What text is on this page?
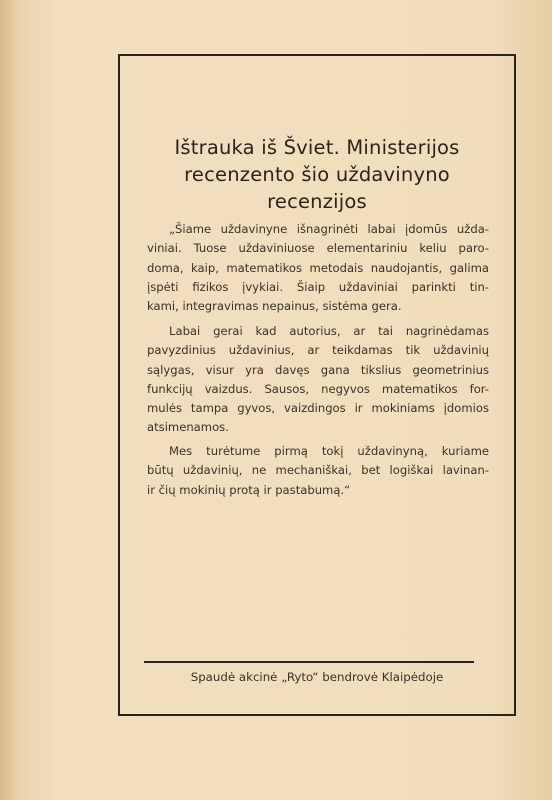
Ištrauka iš Šviet. Ministerijos
recenzento šio uždavinyno
recenzijos
„Šiame uždavinyne išnagrinėti labai įdomūs užda-
viniai. Tuose uždaviniuose elementariniu keliu paro-
doma, kaip, matematikos metodais naudojantis, galima
įspėti fizikos įvykiai. Šiaip uždaviniai parinkti tin-
kami, integravimas nepainus, sistėma gera.
Labai gerai kad autorius, ar tai nagrinėdamas
pavyzdinius uždavinius, ar teikdamas tik uždavinių
sąlygas, visur yra davęs gana tikslius geometrinius
funkcijų vaizdus. Sausos, negyvos matematikos for-
mulės tampa gyvos, vaizdingos ir mokiniams įdomios
atsimenamos.
Mes turėtume pirmą tokį uždavinyną, kuriame
būtų uždavinių, ne mechaniškai, bet logiškai lavinan-
ir čių mokinių protą ir pastabumą.“
Spaudė akcinė „Ryto“ bendrovė Klaipėdoje
